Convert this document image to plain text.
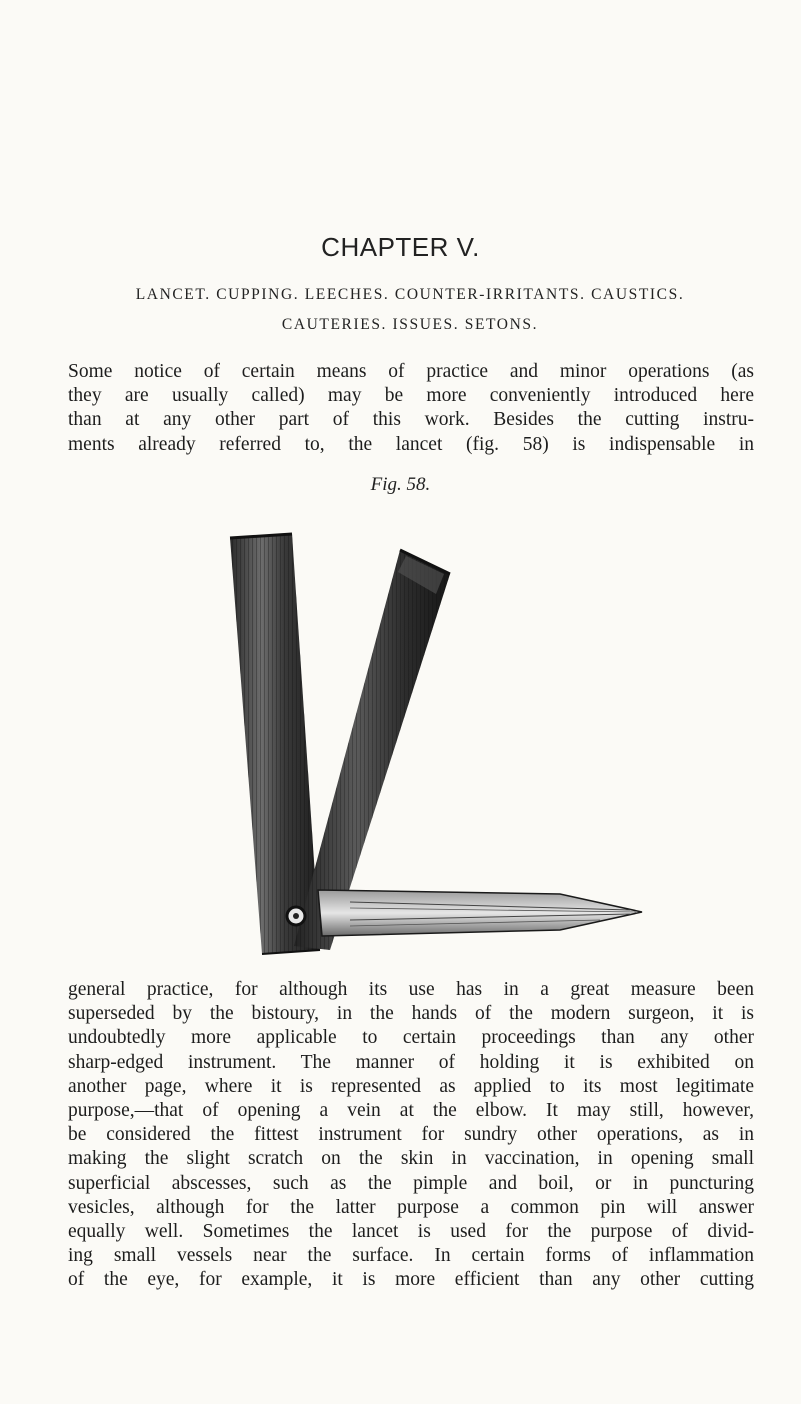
CHAPTER V.
LANCET. CUPPING. LEECHES. COUNTER-IRRITANTS. CAUSTICS.
CAUTERIES. ISSUES. SETONS.
Some notice of certain means of practice and minor operations (as
they are usually called) may be more conveniently introduced here
than at any other part of this work. Besides the cutting instru-
ments already referred to, the lancet (fig. 58) is indispensable in
Fig. 58.
general practice, for although its use has in a great measure been
superseded by the bistoury, in the hands of the modern surgeon, it is
undoubtedly more applicable to certain proceedings than any other
sharp-edged instrument. The manner of holding it is exhibited on
another page, where it is represented as applied to its most legitimate
purpose,—that of opening a vein at the elbow. It may still, however,
be considered the fittest instrument for sundry other operations, as in
making the slight scratch on the skin in vaccination, in opening small
superficial abscesses, such as the pimple and boil, or in puncturing
vesicles, although for the latter purpose a common pin will answer
equally well. Sometimes the lancet is used for the purpose of divid-
ing small vessels near the surface. In certain forms of inflammation
of the eye, for example, it is more efficient than any other cutting
